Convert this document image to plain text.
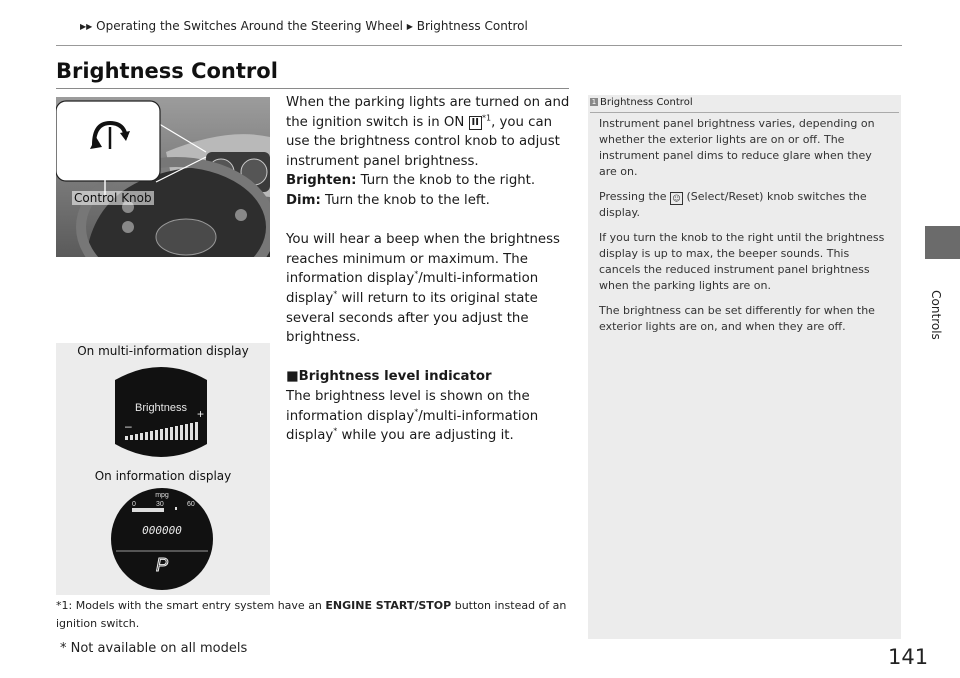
▶▶ Operating the Switches Around the Steering Wheel ▶ Brightness Control
Controls
Brightness Control
Control Knob

When the parking lights are turned on and the ignition switch is in ON II $^{*1}$, you can use the brightness control knob to adjust instrument panel brightness.

Brighten: Turn the knob to the right.

Dim: Turn the knob to the left.

You will hear a beep when the brightness reaches minimum or maximum. The information display*/multi-information display* will return to its original state several seconds after you adjust the brightness.

■Brightness level indicator

The brightness level is shown on the information display*/multi-information display* while you are adjusting it.

1 Brightness Control

Instrument panel brightness varies, depending on whether the exterior lights are on or off. The instrument panel dims to reduce glare when they are on.

Pressing the ☺ (Select/Reset) knob switches the display.

If you turn the knob to the right until the brightness display is up to max, the beeper sounds. This cancels the reduced instrument panel brightness when the parking lights are on.

The brightness can be set differently for when the exterior lights are on, and when they are off.

On multi-information display
Brightness
–
+
On information display
mpg
0	30	60
000000
P
*1: Models with the smart entry system have an ENGINE START/STOP button instead of an ignition switch.
* Not available on all models	141
